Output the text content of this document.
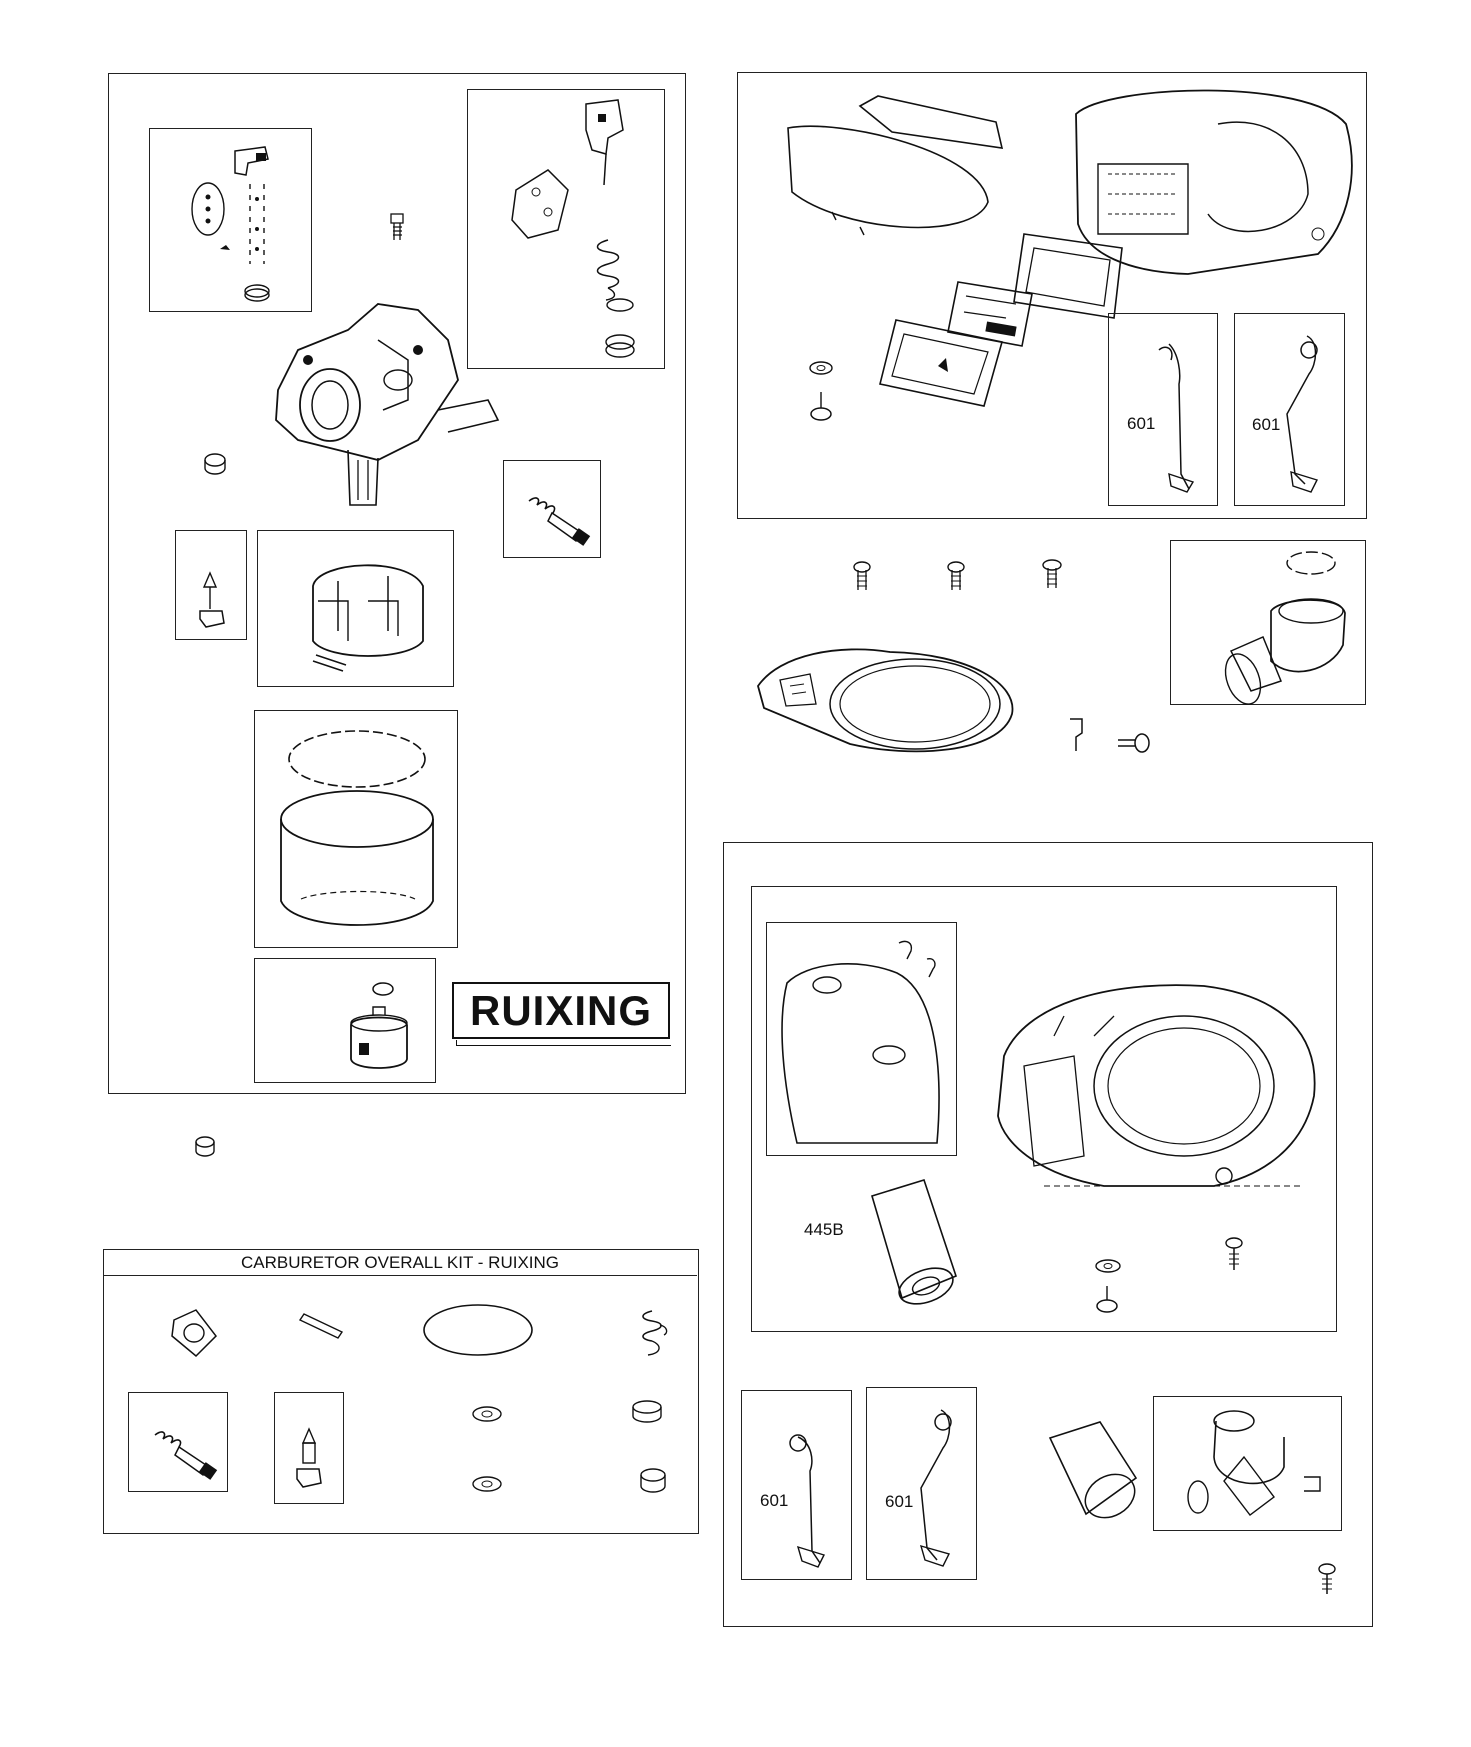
RUIXING
CARBURETOR OVERALL KIT - RUIXING
601	601
445B
601	601
